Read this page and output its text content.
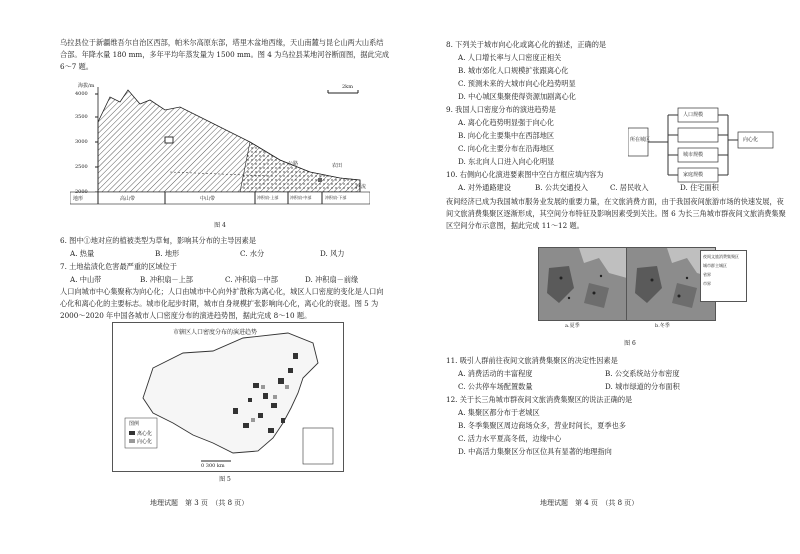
乌拉县位于新疆维吾尔自治区西部，帕米尔高原东部，塔里木盆地西缘，天山南麓与昆仑山两大山系结合部。年降水量 180 mm，多年平均年蒸发量为 1500 mm。图 4 为乌拉县某地河谷断面图，据此完成 6～7 题。
海拔/m
4000
3500
3000
2500
2000
2km
公路	农田
河流
地形	高山带	中山带	冲积扇-上部	冲积扇-中部	冲积扇-下部
图 4
6. 图中①地对应的植被类型为草甸，影响其分布的主导因素是
A. 热量	B. 地形	C. 水分	D. 风力
7. 土地盐渍化危害最严重的区域位于
A. 中山带	B. 冲积扇－上部	C. 冲积扇－中部	D. 冲积扇－前缘
人口向城市中心集聚称为向心化；人口由城市中心向外扩散称为离心化，城区人口密度的变化是人口向心化和离心化的主要标志。城市化起步时期，城市自身规模扩张影响向心化，离心化的衰退。图 5 为 2000～2020 年中国各城市人口密度分布的演进趋势图，据此完成 8～10 题。
市辖区人口密度分布的演进趋势
图例
离心化
向心化
0 300 km
图 5
地理试题　第 3 页　（共 8 页）
8. 下列关于城市向心化或离心化的描述，正确的是
A. 人口增长率与人口密度正相关
B. 城市郊化人口规模扩张跟离心化
C. 预测未来的大城市向心化趋势明显
D. 中心城区集聚使得资源加剧离心化
9. 我国人口密度分布的演进趋势是
A. 离心化趋势明显强于向心化
B. 向心化主要集中在西部地区
C. 向心化主要分布在沿海地区
D. 东北向人口进入向心化明显
所在城区
人口规模
城市规模
家庭规模
向心化
10. 右侧向心化演进要素图中空白方框应填内容为
A. 对外通路建设	B. 公共交通投入	C. 居民收入	D. 住宅面积
夜间经济已成为我国城市服务业发展的重要力量，在文旅消费方面，由于我国夜间旅游市场的快速发展，夜间文旅消费集聚区逐渐形成，其空间分布特征及影响因素受到关注。图 6 为长三角城市群夜间文旅消费集聚区空间分布示意图，据此完成 11～12 题。
夜间文旅消费集聚区
城市群主城区
省界
市界
a.夏季	b.冬季
图 6
11. 吸引人群前往夜间文旅消费集聚区的决定性因素是
A. 消费活动的丰富程度	B. 公交系统站分布密度
C. 公共停车场配置数量	D. 城市绿道的分布面积
12. 关于长三角城市群夜间文旅消费集聚区的说法正确的是
A. 集聚区都分布于老城区
B. 冬季集聚区周边商场众多，营业时间长，夏季也多
C. 活力水平夏高冬低，边缘中心
D. 中高活力集聚区分布区位具有显著的地理指向
地理试题　第 4 页　（共 8 页）
